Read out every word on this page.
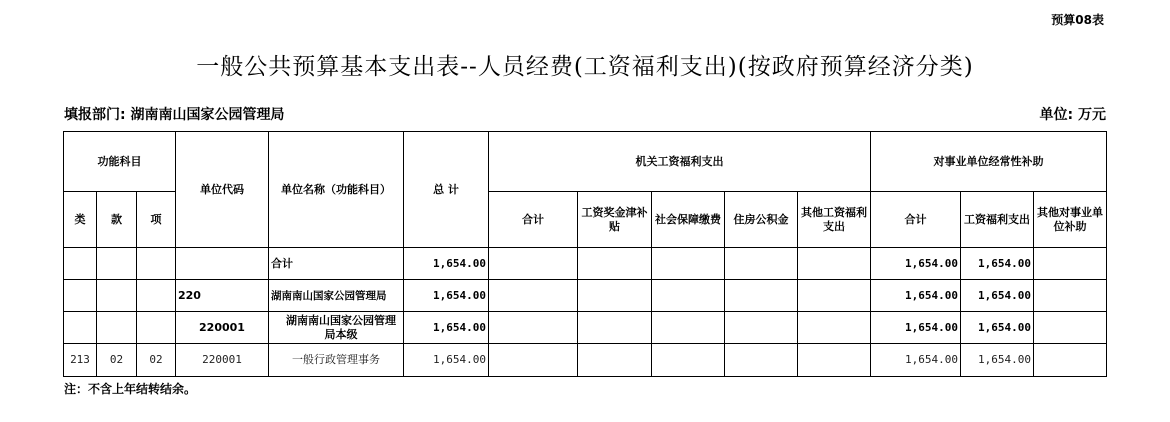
预算08表
一般公共预算基本支出表--人员经费(工资福利支出)(按政府预算经济分类)
填报部门: 湖南南山国家公园管理局	单位: 万元
功能科目			单位代码	单位名称（功能科目）	总 计	机关工资福利支出					对事业单位经常性补助		
类	款	项				合计	工资奖金津补贴	社会保障缴费	住房公积金	其他工资福利支出	合计	工资福利支出	其他对事业单位补助
				合计	1,654.00						1,654.00	1,654.00	
			220	湖南南山国家公园管理局	1,654.00						1,654.00	1,654.00	
			220001	湖南南山国家公园管理局本级	1,654.00						1,654.00	1,654.00	
213	02	02	220001	一般行政管理事务	1,654.00						1,654.00	1,654.00	
注：不含上年结转结余。
